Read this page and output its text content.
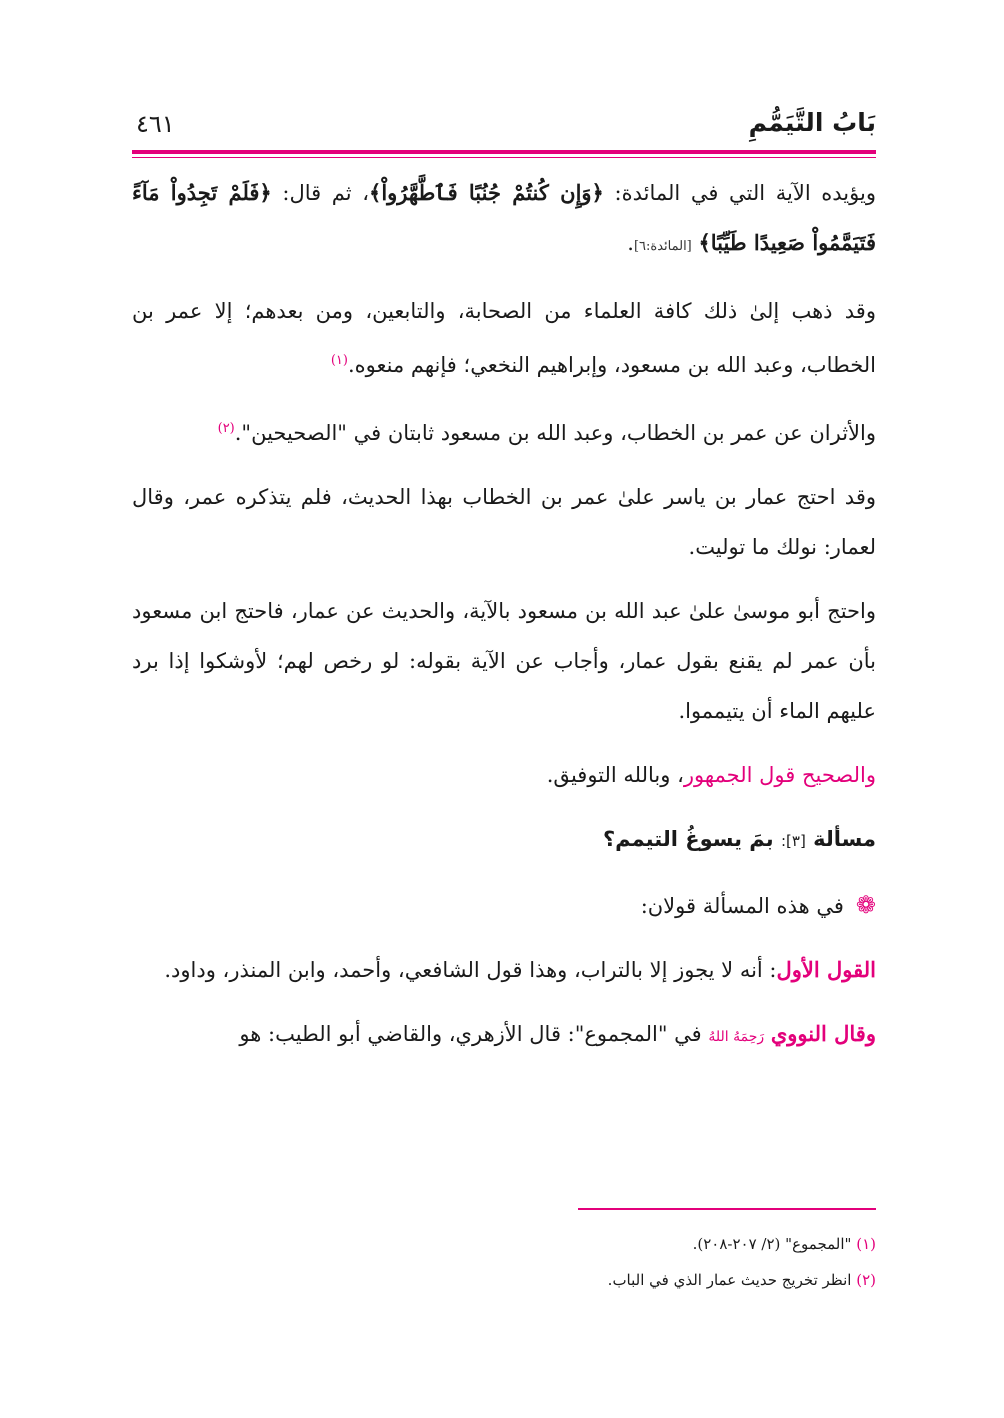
بَابُ التَّيَمُّمِ
٤٦١

ويؤيده الآية التي في المائدة: ﴿وَإِن كُنتُمْ جُنُبًا فَٱطَّهَّرُواْ﴾، ثم قال: ﴿فَلَمْ تَجِدُواْ مَآءً فَتَيَمَّمُواْ صَعِيدًا طَيِّبًا﴾ [المائدة:٦].

وقد ذهب إلىٰ ذلك كافة العلماء من الصحابة، والتابعين، ومن بعدهم؛ إلا عمر بن الخطاب، وعبد الله بن مسعود، وإبراهيم النخعي؛ فإنهم منعوه.$^{(١)}$

والأثران عن عمر بن الخطاب، وعبد الله بن مسعود ثابتان في "الصحيحين".$^{(٢)}$

وقد احتج عمار بن ياسر علىٰ عمر بن الخطاب بهذا الحديث، فلم يتذكره عمر، وقال لعمار: نولك ما توليت.

واحتج أبو موسىٰ علىٰ عبد الله بن مسعود بالآية، والحديث عن عمار، فاحتج ابن مسعود بأن عمر لم يقنع بقول عمار، وأجاب عن الآية بقوله: لو رخص لهم؛ لأوشكوا إذا برد عليهم الماء أن يتيمموا.

والصحيح قول الجمهور، وبالله التوفيق.

مسألة [٣]: بمَ يسوغُ التيمم؟

❁في هذه المسألة قولان:

القول الأول: أنه لا يجوز إلا بالتراب، وهذا قول الشافعي، وأحمد، وابن المنذر، وداود.

وقال النووي رَحِمَهُ اللهُ في "المجموع": قال الأزهري، والقاضي أبو الطيب: هو

(١) "المجموع" (٢/ ٢٠٧-٢٠٨).
(٢) انظر تخريج حديث عمار الذي في الباب.
